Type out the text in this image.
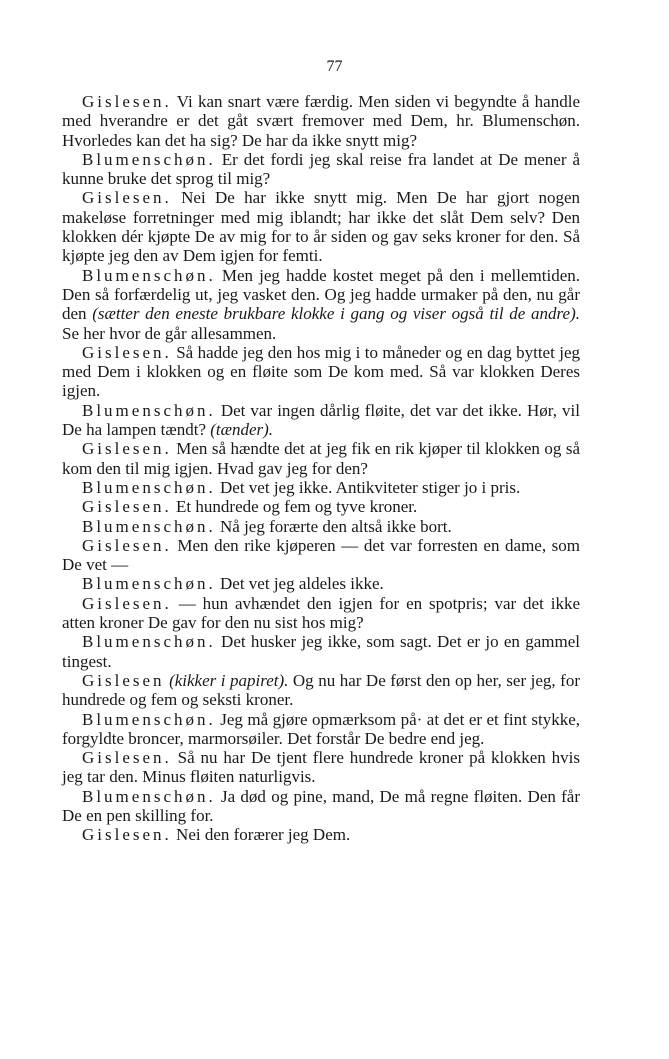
77

Gislesen. Vi kan snart være færdig. Men siden vi begyndte å handle med hverandre er det gåt svært fremover med Dem, hr. Blumenschøn. Hvorledes kan det ha sig? De har da ikke snytt mig?

Blumenschøn. Er det fordi jeg skal reise fra landet at De mener å kunne bruke det sprog til mig?

Gislesen. Nei De har ikke snytt mig. Men De har gjort nogen makeløse forretninger med mig iblandt; har ikke det slåt Dem selv? Den klokken dér kjøpte De av mig for to år siden og gav seks kroner for den. Så kjøpte jeg den av Dem igjen for femti.

Blumenschøn. Men jeg hadde kostet meget på den i mellemtiden. Den så forfærdelig ut, jeg vasket den. Og jeg hadde urmaker på den, nu går den (sætter den eneste brukbare klokke i gang og viser også til de andre). Se her hvor de går allesammen.

Gislesen. Så hadde jeg den hos mig i to måneder og en dag byttet jeg med Dem i klokken og en fløite som De kom med. Så var klokken Deres igjen.

Blumenschøn. Det var ingen dårlig fløite, det var det ikke. Hør, vil De ha lampen tændt? (tænder).

Gislesen. Men så hændte det at jeg fik en rik kjøper til klokken og så kom den til mig igjen. Hvad gav jeg for den?

Blumenschøn. Det vet jeg ikke. Antikviteter stiger jo i pris.

Gislesen. Et hundrede og fem og tyve kroner.

Blumenschøn. Nå jeg forærte den altså ikke bort.

Gislesen. Men den rike kjøperen — det var forresten en dame, som De vet —

Blumenschøn. Det vet jeg aldeles ikke.

Gislesen. — hun avhændet den igjen for en spotpris; var det ikke atten kroner De gav for den nu sist hos mig?

Blumenschøn. Det husker jeg ikke, som sagt. Det er jo en gammel tingest.

Gislesen (kikker i papiret). Og nu har De først den op her, ser jeg, for hundrede og fem og seksti kroner.

Blumenschøn. Jeg må gjøre opmærksom på· at det er et fint stykke, forgyldte broncer, marmorsøiler. Det forstår De bedre end jeg.

Gislesen. Så nu har De tjent flere hundrede kroner på klokken hvis jeg tar den. Minus fløiten naturligvis.

Blumenschøn. Ja død og pine, mand, De må regne fløiten. Den får De en pen skilling for.

Gislesen. Nei den forærer jeg Dem.
